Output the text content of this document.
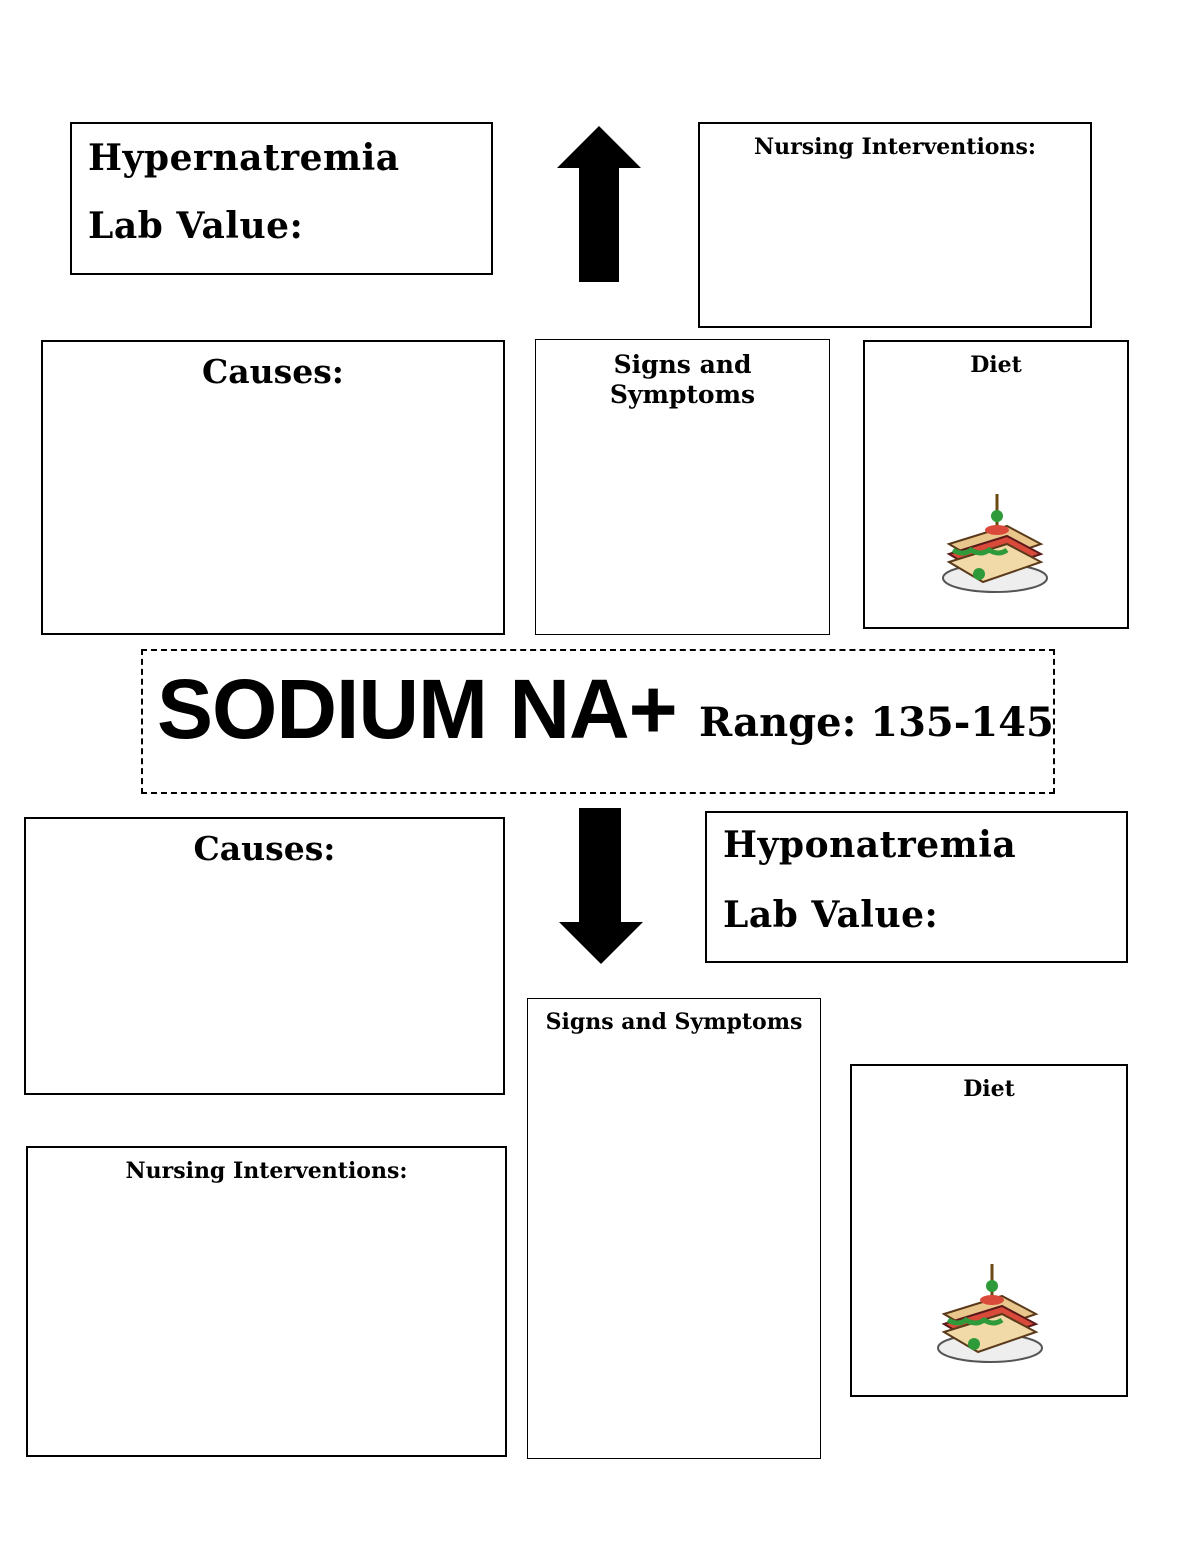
Hypernatremia
Lab Value:

Nursing Interventions:

Causes:	Signs and Symptoms

Diet

SODIUM NA+ Range: 135-145

Causes:	Hyponatremia
Lab Value:

Signs and Symptoms

Diet

Nursing Interventions:
